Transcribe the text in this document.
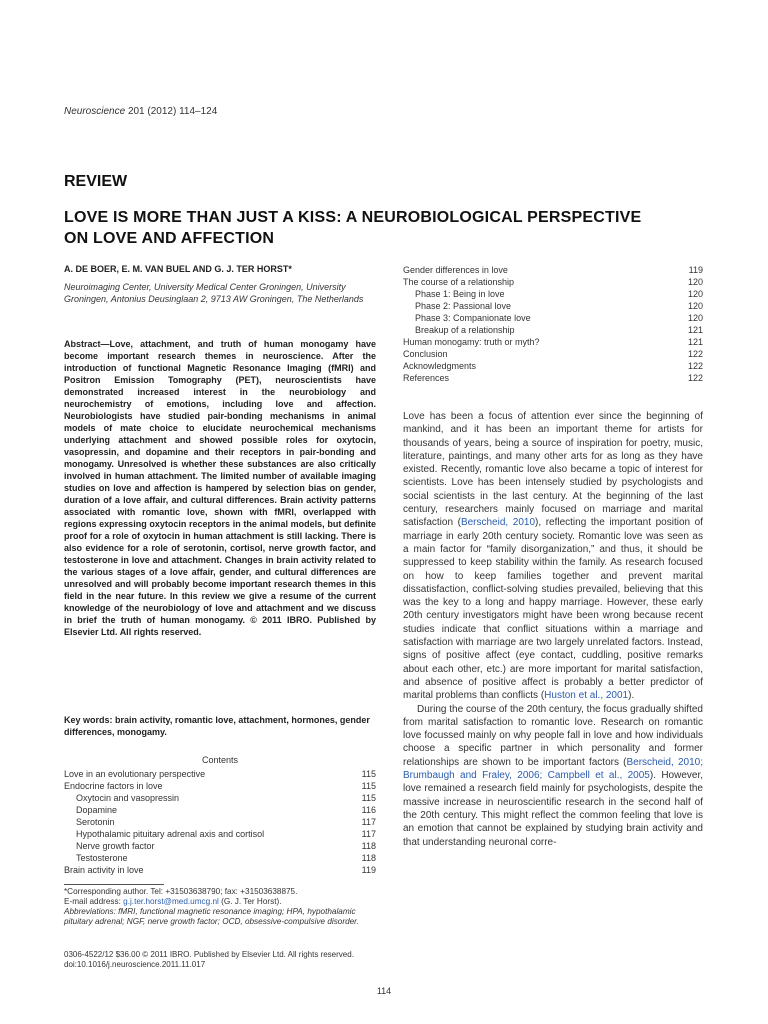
Neuroscience 201 (2012) 114–124
REVIEW
LOVE IS MORE THAN JUST A KISS: A NEUROBIOLOGICAL PERSPECTIVE ON LOVE AND AFFECTION
A. DE BOER, E. M. VAN BUEL AND G. J. TER HORST*
Neuroimaging Center, University Medical Center Groningen, University Groningen, Antonius Deusinglaan 2, 9713 AW Groningen, The Netherlands
Abstract—Love, attachment, and truth of human monogamy have become important research themes in neuroscience. After the introduction of functional Magnetic Resonance Imaging (fMRI) and Positron Emission Tomography (PET), neuroscientists have demonstrated increased interest in the neurobiology and neurochemistry of emotions, including love and affection. Neurobiologists have studied pair-bonding mechanisms in animal models of mate choice to elucidate neurochemical mechanisms underlying attachment and showed possible roles for oxytocin, vasopressin, and dopamine and their receptors in pair-bonding and monogamy. Unresolved is whether these substances are also critically involved in human attachment. The limited number of available imaging studies on love and affection is hampered by selection bias on gender, duration of a love affair, and cultural differences. Brain activity patterns associated with romantic love, shown with fMRI, overlapped with regions expressing oxytocin receptors in the animal models, but definite proof for a role of oxytocin in human attachment is still lacking. There is also evidence for a role of serotonin, cortisol, nerve growth factor, and testosterone in love and attachment. Changes in brain activity related to the various stages of a love affair, gender, and cultural differences are unresolved and will probably become important research themes in this field in the near future. In this review we give a resume of the current knowledge of the neurobiology of love and attachment and we discuss in brief the truth of human monogamy. © 2011 IBRO. Published by Elsevier Ltd. All rights reserved.
Key words: brain activity, romantic love, attachment, hormones, gender differences, monogamy.
Contents
Love in an evolutionary perspective	115
Endocrine factors in love	115
Oxytocin and vasopressin	115
Dopamine	116
Serotonin	117
Hypothalamic pituitary adrenal axis and cortisol	117
Nerve growth factor	118
Testosterone	118
Brain activity in love	119
Gender differences in love	119
The course of a relationship	120
Phase 1: Being in love	120
Phase 2: Passional love	120
Phase 3: Companionate love	120
Breakup of a relationship	121
Human monogamy: truth or myth?	121
Conclusion	122
Acknowledgments	122
References	122
*Corresponding author. Tel: +31503638790; fax: +31503638875.
E-mail address: g.j.ter.horst@med.umcg.nl (G. J. Ter Horst).
Abbreviations: fMRI, functional magnetic resonance imaging; HPA, hypothalamic pituitary adrenal; NGF, nerve growth factor; OCD, obsessive-compulsive disorder.
0306-4522/12 $36.00 © 2011 IBRO. Published by Elsevier Ltd. All rights reserved.
doi:10.1016/j.neuroscience.2011.11.017
114

Love has been a focus of attention ever since the beginning of mankind, and it has been an important theme for artists for thousands of years, being a source of inspiration for poetry, music, literature, paintings, and many other arts for as long as they have existed. Recently, romantic love also became a topic of interest for scientists. Love has been intensely studied by psychologists and social scientists in the last century. At the beginning of the last century, researchers mainly focused on marriage and marital satisfaction (Berscheid, 2010), reflecting the important position of marriage in early 20th century society. Romantic love was seen as a main factor for “family disorganization,” and thus, it should be suppressed to keep stability within the family. As research focused on how to keep families together and prevent marital dissatisfaction, conflict-solving studies prevailed, believing that this was the key to a long and happy marriage. However, these early 20th century investigators might have been wrong because recent studies indicate that conflict situations within a marriage and satisfaction with marriage are two largely unrelated factors. Instead, signs of positive affect (eye contact, cuddling, positive remarks about each other, etc.) are more important for marital satisfaction, and absence of positive affect is probably a better predictor of marital problems than conflicts (Huston et al., 2001).

During the course of the 20th century, the focus gradually shifted from marital satisfaction to romantic love. Research on romantic love focussed mainly on why people fall in love and how individuals choose a specific partner in which personality and former relationships are shown to be important factors (Berscheid, 2010; Brumbaugh and Fraley, 2006; Campbell et al., 2005). However, love remained a research field mainly for psychologists, despite the massive increase in neuroscientific research in the second half of the 20th century. This might reflect the common feeling that love is an emotion that cannot be explained by studying brain activity and that understanding neuronal corre-
